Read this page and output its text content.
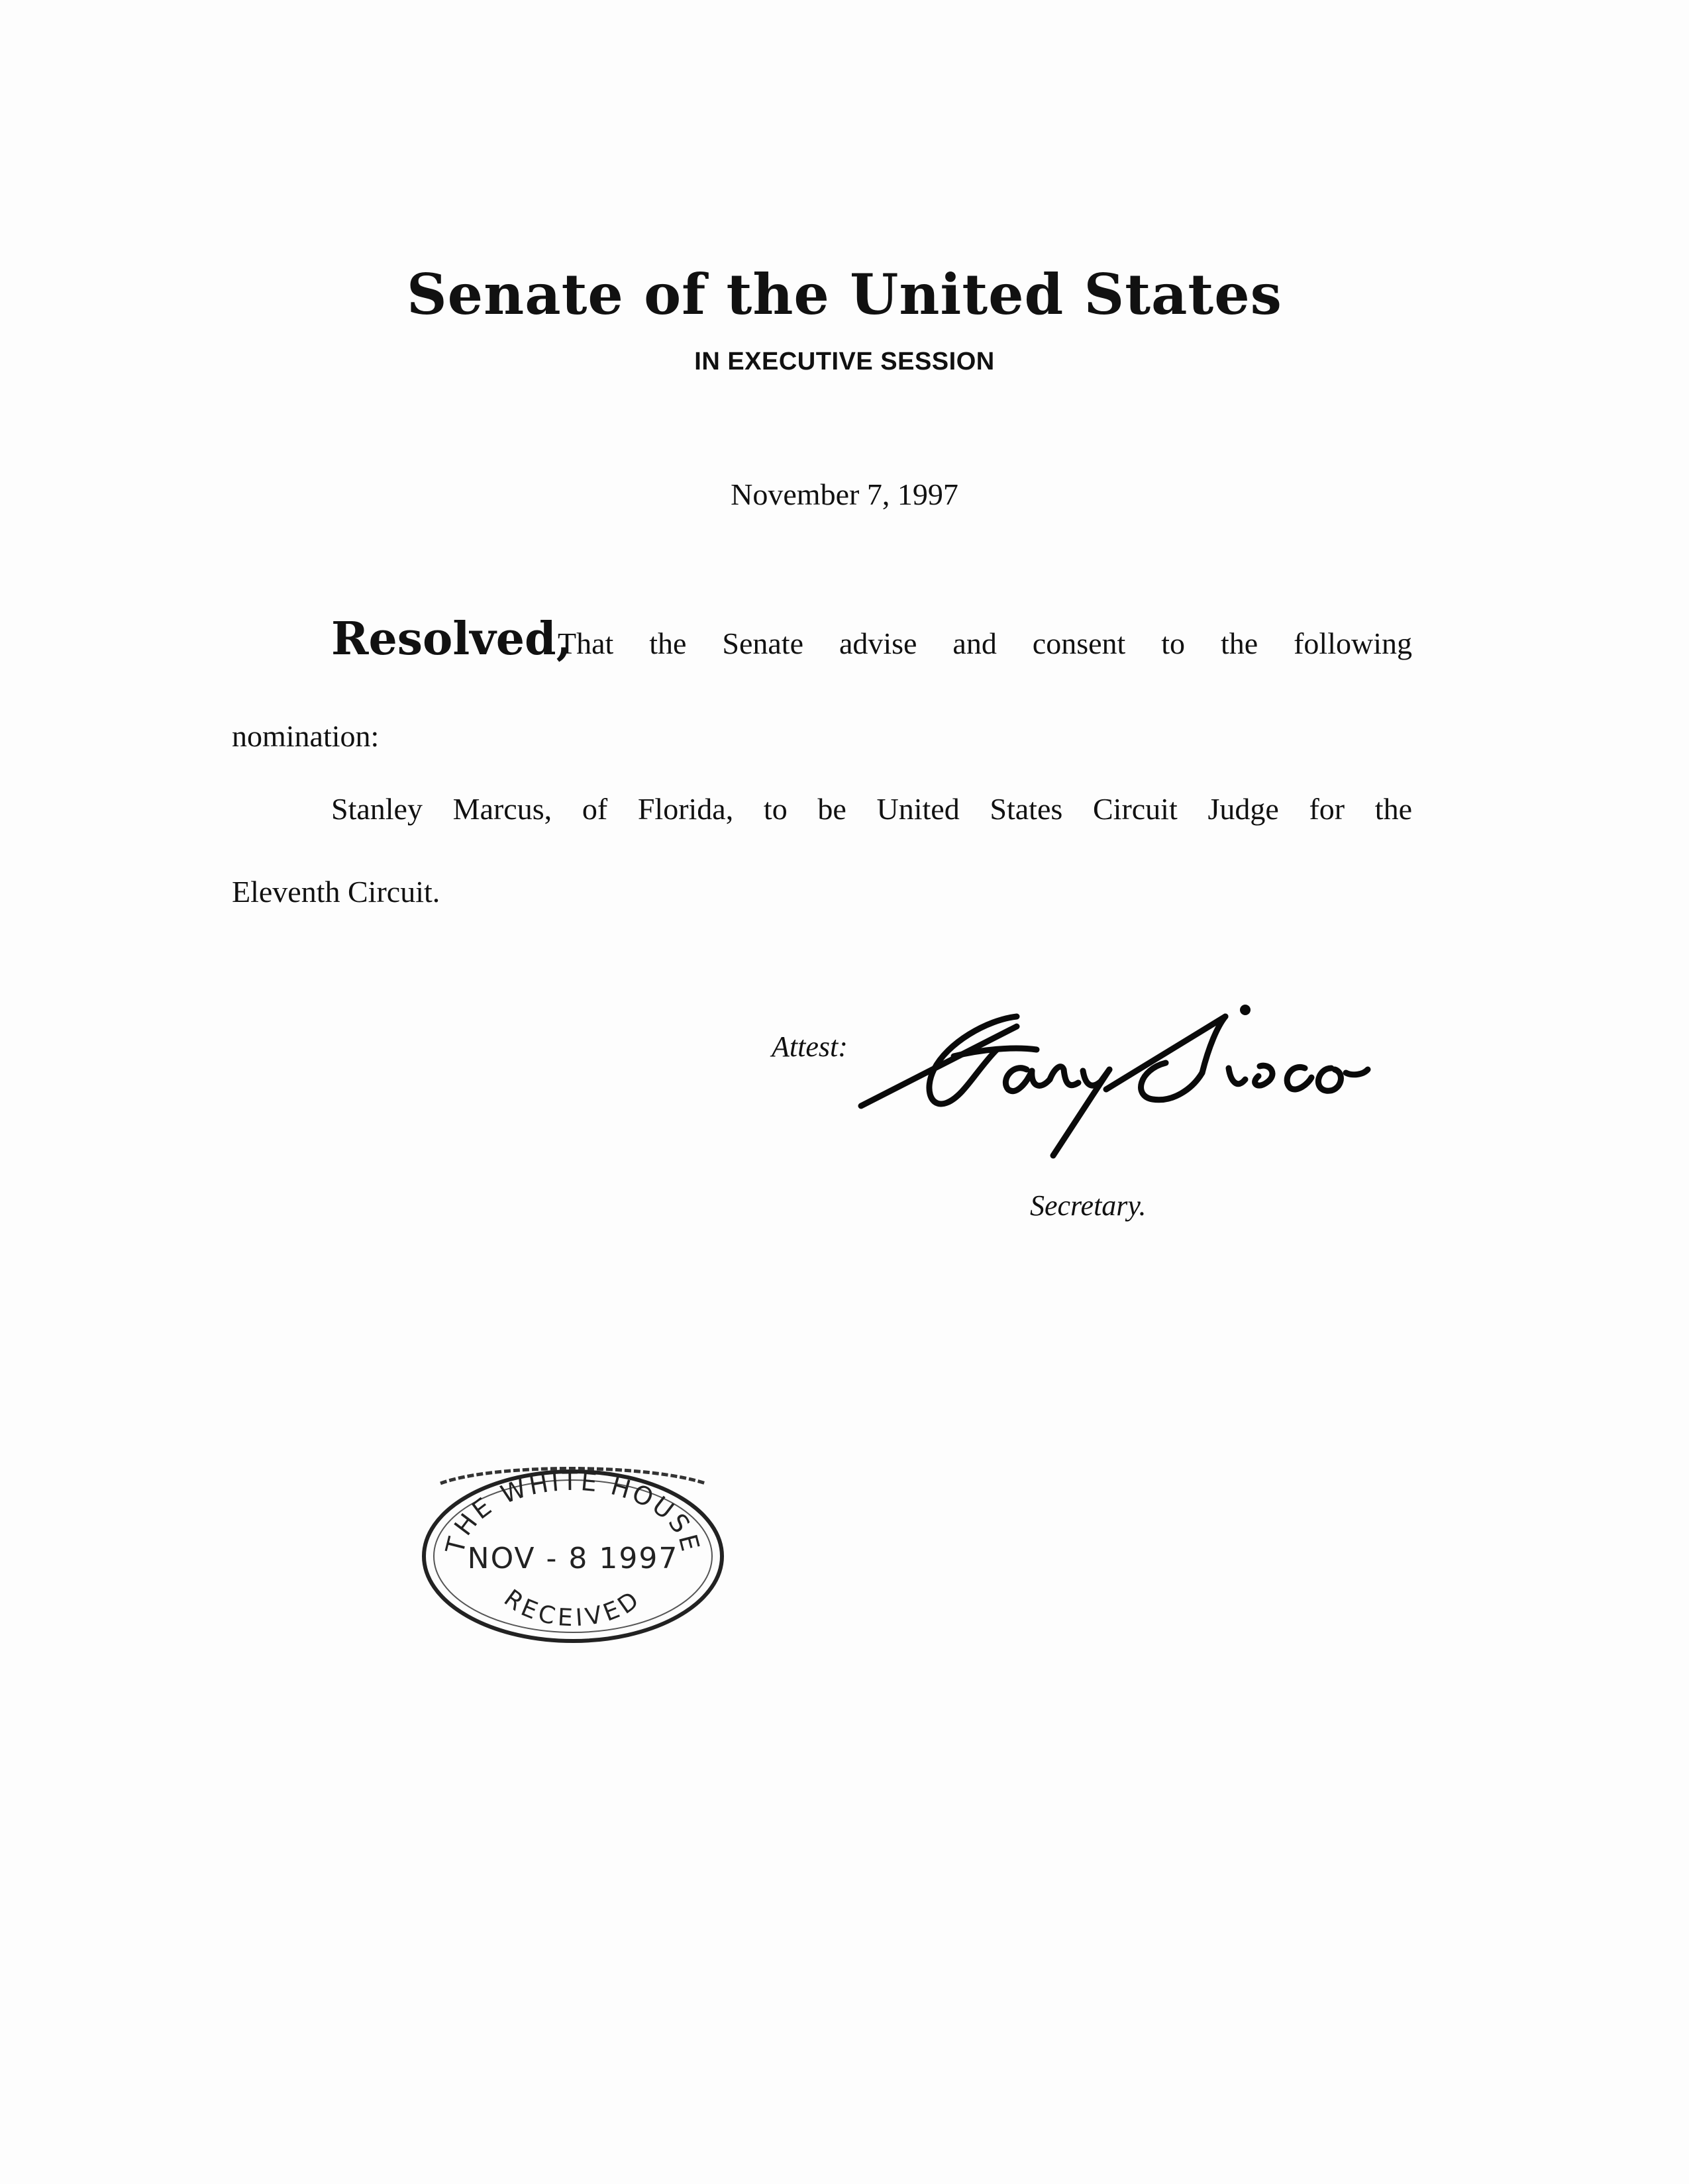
Senate of the United States
IN EXECUTIVE SESSION
November 7, 1997
Resolved,
That the Senate advise and consent to the following
nomination:
Stanley Marcus, of Florida, to be United States Circuit Judge for the
Eleventh Circuit.
Attest:
Secretary.
THE WHITE HOUSE
NOV - 8 1997
RECEIVED
